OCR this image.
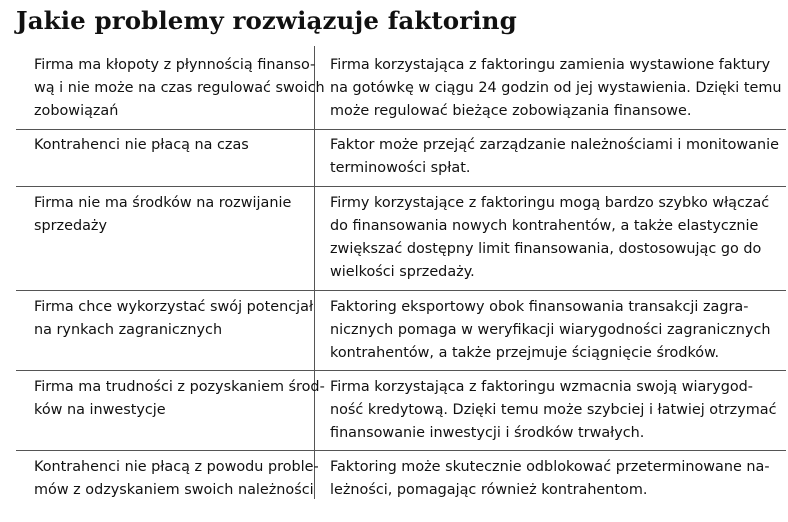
Jakie problemy rozwiązuje faktoring
Firma ma kłopoty z płynnością finanso-
wą i nie może na czas regulować swoich
zobowiązań
Firma korzystająca z faktoringu zamienia wystawione faktury
na gotówkę w ciągu 24 godzin od jej wystawienia. Dzięki temu
może regulować bieżące zobowiązania finansowe.
Kontrahenci nie płacą na czas	Faktor może przejąć zarządzanie należnościami i monitowanie
terminowości spłat.
Firma nie ma środków na rozwijanie
sprzedaży
Firmy korzystające z faktoringu mogą bardzo szybko włączać
do finansowania nowych kontrahentów, a także elastycznie
zwiększać dostępny limit finansowania, dostosowując go do
wielkości sprzedaży.
Firma chce wykorzystać swój potencjał
na rynkach zagranicznych
Faktoring eksportowy obok finansowania transakcji zagra-
nicznych pomaga w weryfikacji wiarygodności zagranicznych
kontrahentów, a także przejmuje ściągnięcie środków.
Firma ma trudności z pozyskaniem środ-
ków na inwestycje
Firma korzystająca z faktoringu wzmacnia swoją wiarygod-
ność kredytową. Dzięki temu może szybciej i łatwiej otrzymać
finansowanie inwestycji i środków trwałych.
Kontrahenci nie płacą z powodu proble-
mów z odzyskaniem swoich należności
Faktoring może skutecznie odblokować przeterminowane na-
leżności, pomagając również kontrahentom.
